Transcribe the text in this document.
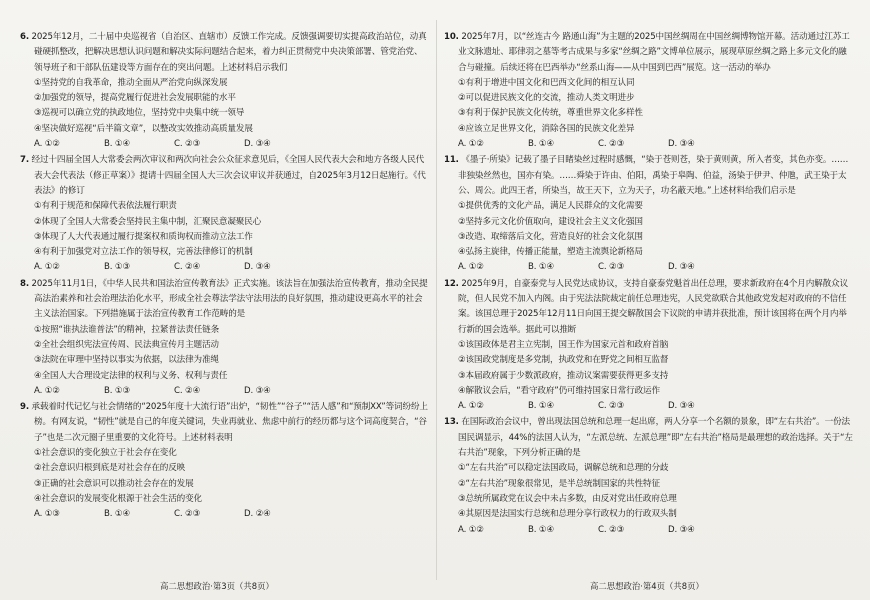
6. 2025年12月，二十届中央巡视省（自治区、直辖市）反馈工作完成。反馈强调要切实提高政治站位，动真碰硬抓整改，把解决思想认识问题和解决实际问题结合起来，着力纠正贯彻党中央决策部署、管党治党、领导班子和干部队伍建设等方面存在的突出问题。上述材料启示我们
①坚持党的自我革命，推动全面从严治党向纵深发展
②加强党的领导，提高党履行促进社会发展职能的水平
③巡视可以确立党的执政地位，坚持党中央集中统一领导
④坚决做好巡视“后半篇文章”，以整改实效推动高质量发展
A. ①②	B. ①④	C. ②③	D. ③④
7. 经过十四届全国人大常委会两次审议和两次向社会公众征求意见后，《全国人民代表大会和地方各级人民代表大会代表法（修正草案）》提请十四届全国人大三次会议审议并获通过，自2025年3月12日起施行。《代表法》的修订
①有利于规范和保障代表依法履行职责
②体现了全国人大常委会坚持民主集中制，汇聚民意凝聚民心
③体现了人大代表通过履行提案权和质询权而推动立法工作
④有利于加强党对立法工作的领导权，完善法律修订的机制
A. ①②	B. ①③	C. ②④	D. ③④
8. 2025年11月1日，《中华人民共和国法治宣传教育法》正式实施。该法旨在加强法治宣传教育，推动全民提高法治素养和社会治理法治化水平，形成全社会尊法学法守法用法的良好氛围，推动建设更高水平的社会主义法治国家。下列措施属于法治宣传教育工作范畴的是
①按照“谁执法谁普法”的精神，拉紧普法责任链条
②全社会组织宪法宣传周、民法典宣传月主题活动
③法院在审理中坚持以事实为依据，以法律为准绳
④全国人大合理设定法律的权利与义务、权利与责任
A. ①②	B. ①③	C. ②④	D. ③④
9. 承载着时代记忆与社会情绪的“2025年度十大流行语”出炉，“韧性”“谷子”“活人感”和“预制XX”等词纷纷上榜。有网友说，“韧性”就是自己的年度关键词，失业再就业、焦虑中前行的经历都与这个词高度契合，“谷子”也是二次元圈子里重要的文化符号。上述材料表明
①社会意识的变化独立于社会存在变化
②社会意识归根到底是对社会存在的反映
③正确的社会意识可以推动社会存在的发展
④社会意识的发展变化根源于社会生活的变化
A. ①③	B. ①④	C. ②③	D. ②④
10. 2025年7月，以“丝连古今 路通山海”为主题的2025中国丝绸周在中国丝绸博物馆开幕。活动通过江苏工业文脉遗址、耶律羽之墓等考古成果与多家“丝绸之路”文博单位展示，展现草原丝绸之路上多元文化的融合与碰撞。后续还将在巴西举办“丝系山海——从中国到巴西”展览。这一活动的举办
①有利于增进中国文化和巴西文化间的相互认同
②可以促进民族文化的交流，推动人类文明进步
③有利于保护民族文化传统，尊重世界文化多样性
④应该立足世界文化，消除各国的民族文化差异
A. ①②	B. ①④	C. ②③	D. ③④
11. 《墨子·所染》记载了墨子目睹染丝过程时感慨，“染于苍则苍，染于黄则黄，所入者变，其色亦变。……非独染丝然也，国亦有染。……舜染于许由、伯阳，禹染于皋陶、伯益，汤染于伊尹、仲虺，武王染于太公、周公。此四王者，所染当，故王天下，立为天子，功名蔽天地。”上述材料给我们启示是
①提供优秀的文化产品，满足人民群众的文化需要
②坚持多元文化价值取向，建设社会主义文化强国
③改造、取缔落后文化，营造良好的社会文化氛围
④弘扬主旋律，传播正能量，塑造主流舆论新格局
A. ①②	B. ①④	C. ②③	D. ③④
12. 2025年9月，自豪泰党与人民党达成协议，支持自豪泰党魁首出任总理，要求新政府在4个月内解散众议院，但人民党不加入内阁。由于宪法法院裁定前任总理违宪，人民党欲联合其他政党发起对政府的不信任案。该国总理于2025年12月11日向国王提交解散国会下议院的申请并获批准，预计该国将在两个月内举行新的国会选举。据此可以推断
①该国政体是君主立宪制，国王作为国家元首和政府首脑
②该国政党制度是多党制，执政党和在野党之间相互监督
③本届政府属于少数派政府，推动议案需要获得更多支持
④解散议会后，“看守政府”仍可维持国家日常行政运作
A. ①②	B. ①④	C. ②③	D. ③④
13. 在国际政治会议中，曾出现法国总统和总理一起出席，两人分享一个名额的景象，即“左右共治”。一份法国民调显示，44%的法国人认为，“左派总统、左派总理”即“左右共治”格局是最理想的政治选择。关于“左右共治”现象，下列分析正确的是
①“左右共治”可以稳定法国政局，调解总统和总理的分歧
②“左右共治”现象很常见，是半总统制国家的共性特征
③总统所属政党在议会中未占多数，由反对党出任政府总理
④其原因是法国实行总统和总理分享行政权力的行政双头制
A. ①②	B. ①④	C. ②③	D. ③④
高二思想政治·第3页（共8页）	高二思想政治·第4页（共8页）
